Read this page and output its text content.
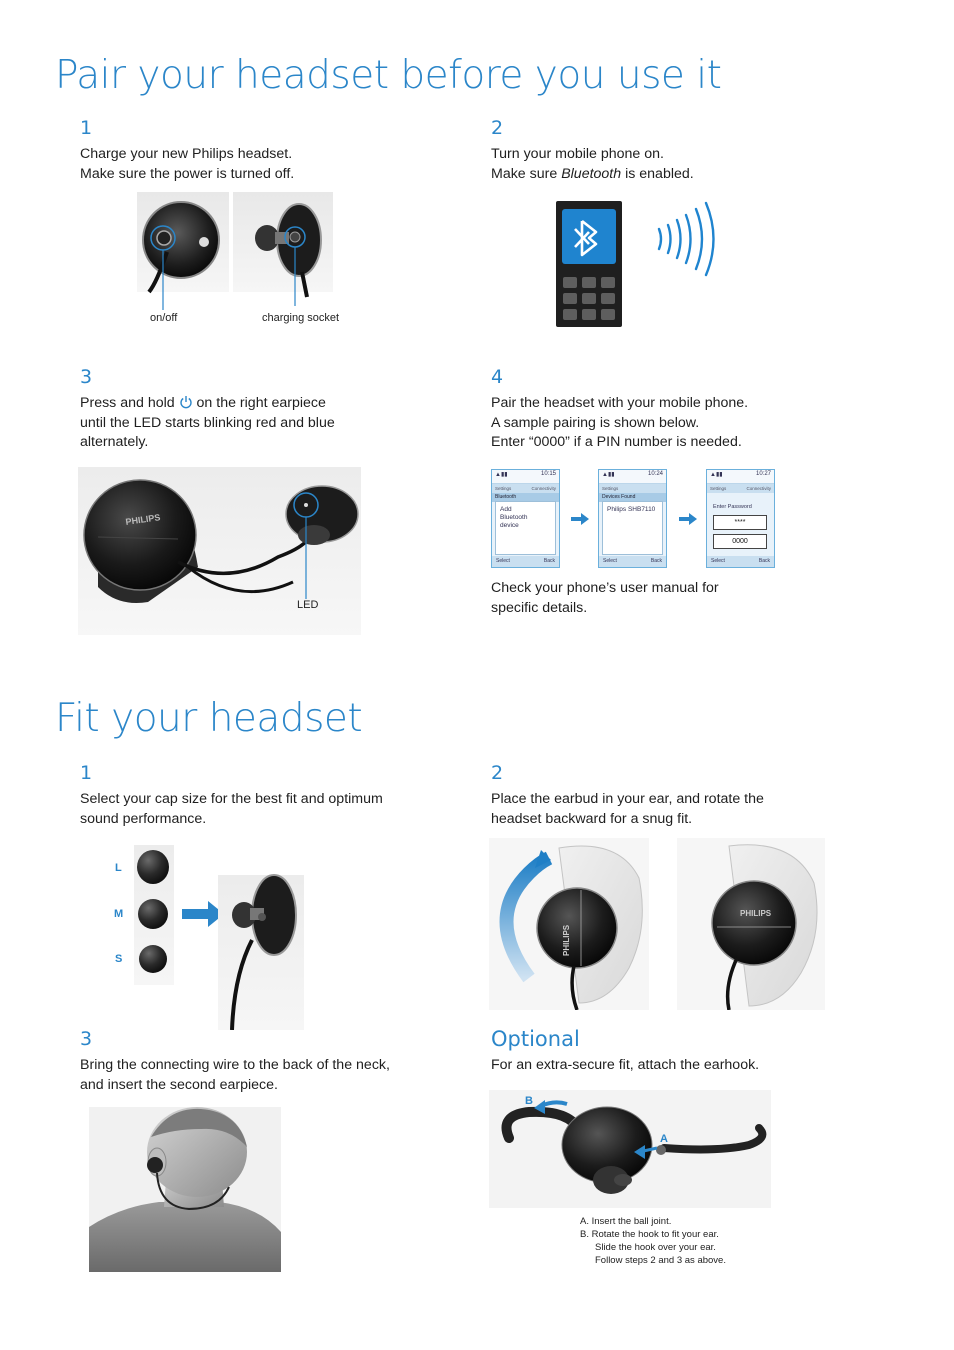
Pair your headset before you use it
1
Charge your new Philips headset.
Make sure the power is turned off.
on/off	charging socket
2
Turn your mobile phone on.
Make sure Bluetooth is enabled.
3
Press and hold  on the right earpiece
until the LED starts blinking red and blue
alternately.
PHILIPS
LED
4
Pair the headset with your mobile phone.
A sample pairing is shown below.
Enter “0000” if a PIN number is needed.
▲▮▮	10:15
Settings	Connectivity
Bluetooth
Add
Bluetooth
device
Select	Back
▲▮▮	10:24
Settings
Devices Found
Philips SHB7110
Select	Back
▲▮▮	10:27
Settings	Connectivity
Enter Password
****
0000
Select	Back
Check your phone’s user manual for
specific details.
Fit your headset
1
Select your cap size for the best fit and optimum
sound performance.
L
M
S
2
Place the earbud in your ear, and rotate the
headset backward for a snug fit.
PHILIPS
PHILIPS
3
Bring the connecting wire to the back of the neck,
and insert the second earpiece.
Optional
For an extra-secure fit, attach the earhook.
B
A
A. Insert the ball joint.
B. Rotate the hook to fit your ear.
Slide the hook over your ear.
Follow steps 2 and 3 as above.
